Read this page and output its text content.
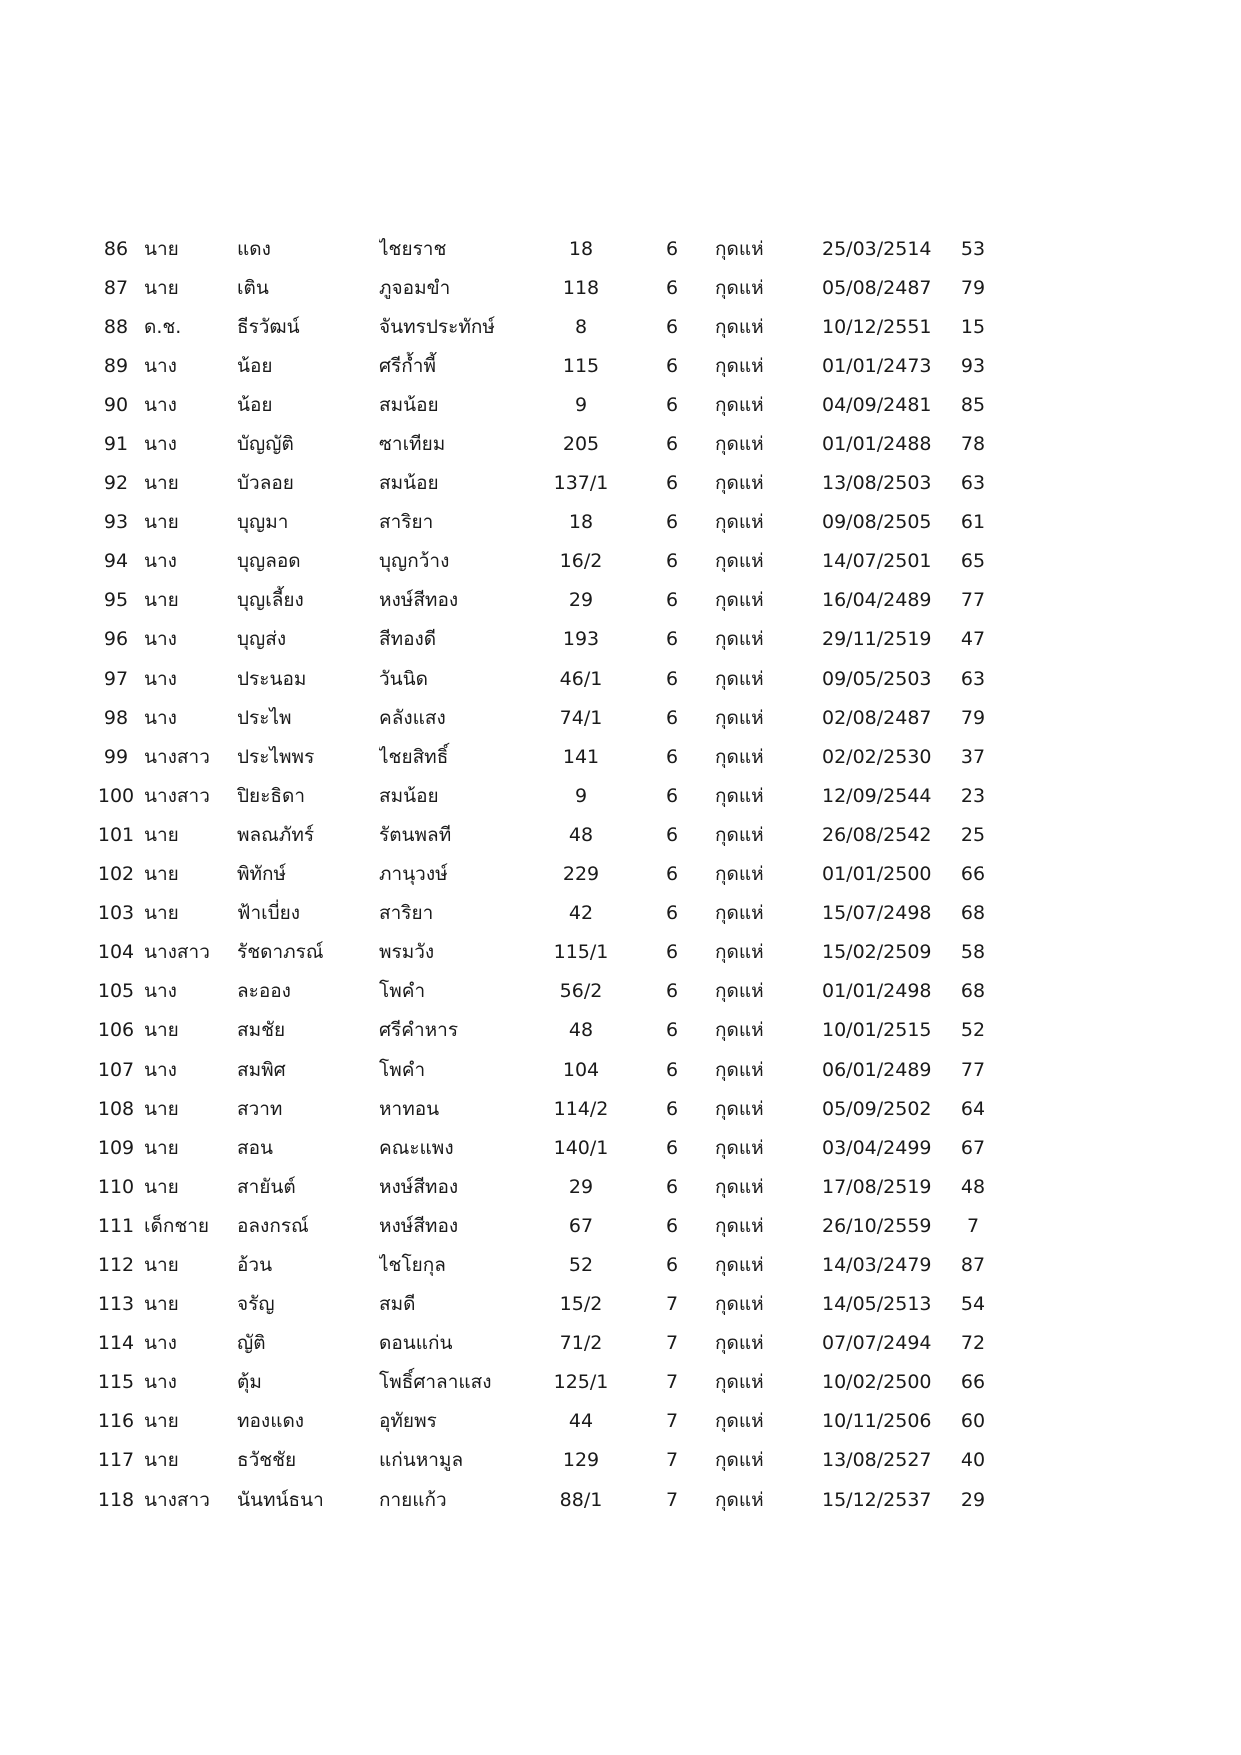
86	นาย	แดง	ไชยราช	18	6	กุดแห่	25/03/2514	53
87	นาย	เติน	ภูจอมขำ	118	6	กุดแห่	05/08/2487	79
88	ด.ช.	ธีรวัฒน์	จันทรประทักษ์	8	6	กุดแห่	10/12/2551	15
89	นาง	น้อย	ศรีก้ำพี้	115	6	กุดแห่	01/01/2473	93
90	นาง	น้อย	สมน้อย	9	6	กุดแห่	04/09/2481	85
91	นาง	บัญญัติ	ซาเทียม	205	6	กุดแห่	01/01/2488	78
92	นาย	บัวลอย	สมน้อย	137/1	6	กุดแห่	13/08/2503	63
93	นาย	บุญมา	สาริยา	18	6	กุดแห่	09/08/2505	61
94	นาง	บุญลอด	บุญกว้าง	16/2	6	กุดแห่	14/07/2501	65
95	นาย	บุญเลี้ยง	หงษ์สีทอง	29	6	กุดแห่	16/04/2489	77
96	นาง	บุญส่ง	สีทองดี	193	6	กุดแห่	29/11/2519	47
97	นาง	ประนอม	วันนิด	46/1	6	กุดแห่	09/05/2503	63
98	นาง	ประไพ	คลังแสง	74/1	6	กุดแห่	02/08/2487	79
99	นางสาว	ประไพพร	ไชยสิทธิ์	141	6	กุดแห่	02/02/2530	37
100	นางสาว	ปิยะธิดา	สมน้อย	9	6	กุดแห่	12/09/2544	23
101	นาย	พลณภัทร์	รัตนพลที	48	6	กุดแห่	26/08/2542	25
102	นาย	พิทักษ์	ภานุวงษ์	229	6	กุดแห่	01/01/2500	66
103	นาย	ฟ้าเบี่ยง	สาริยา	42	6	กุดแห่	15/07/2498	68
104	นางสาว	รัชดาภรณ์	พรมวัง	115/1	6	กุดแห่	15/02/2509	58
105	นาง	ละออง	โพคำ	56/2	6	กุดแห่	01/01/2498	68
106	นาย	สมชัย	ศรีคำหาร	48	6	กุดแห่	10/01/2515	52
107	นาง	สมพิศ	โพคำ	104	6	กุดแห่	06/01/2489	77
108	นาย	สวาท	หาทอน	114/2	6	กุดแห่	05/09/2502	64
109	นาย	สอน	คณะแพง	140/1	6	กุดแห่	03/04/2499	67
110	นาย	สายันต์	หงษ์สีทอง	29	6	กุดแห่	17/08/2519	48
111	เด็กชาย	อลงกรณ์	หงษ์สีทอง	67	6	กุดแห่	26/10/2559	7
112	นาย	อ้วน	ไชโยกุล	52	6	กุดแห่	14/03/2479	87
113	นาย	จรัญ	สมดี	15/2	7	กุดแห่	14/05/2513	54
114	นาง	ญัติ	ดอนแก่น	71/2	7	กุดแห่	07/07/2494	72
115	นาง	ตุ้ม	โพธิ์ศาลาแสง	125/1	7	กุดแห่	10/02/2500	66
116	นาย	ทองแดง	อุทัยพร	44	7	กุดแห่	10/11/2506	60
117	นาย	ธวัชชัย	แก่นหามูล	129	7	กุดแห่	13/08/2527	40
118	นางสาว	นันทน์ธนา	กายแก้ว	88/1	7	กุดแห่	15/12/2537	29
